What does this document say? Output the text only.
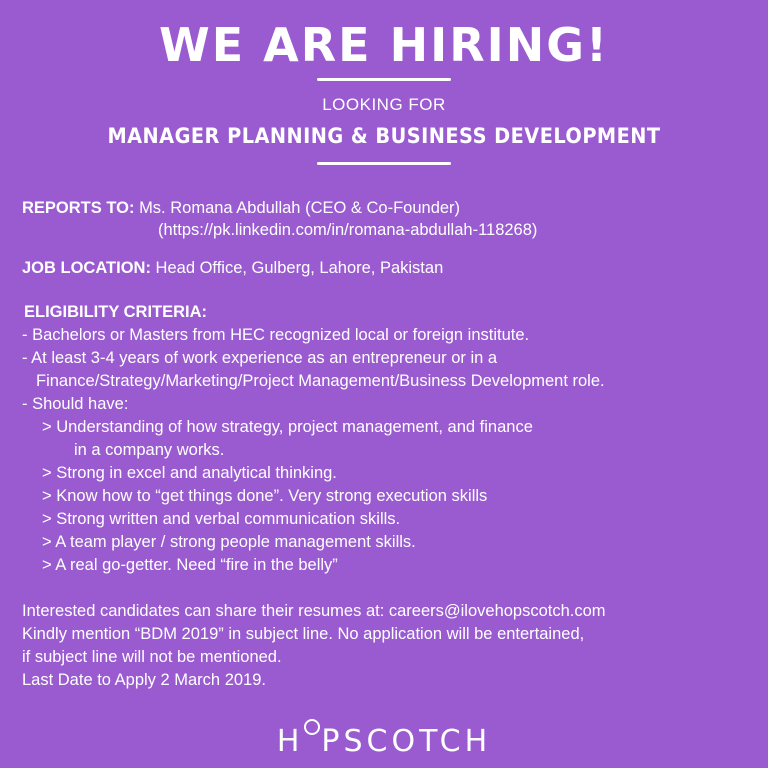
WE ARE HIRING!
LOOKING FOR
MANAGER PLANNING & BUSINESS DEVELOPMENT
REPORTS TO: Ms. Romana Abdullah (CEO & Co-Founder)
(https://pk.linkedin.com/in/romana-abdullah-118268)
JOB LOCATION: Head Office, Gulberg, Lahore, Pakistan
ELIGIBILITY CRITERIA:
- Bachelors or Masters from HEC recognized local or foreign institute.
- At least 3-4 years of work experience as an entrepreneur or in a
Finance/Strategy/Marketing/Project Management/Business Development role.
- Should have:
> Understanding of how strategy, project management, and finance
in a company works.
> Strong in excel and analytical thinking.
> Know how to “get things done”. Very strong execution skills
> Strong written and verbal communication skills.
> A team player / strong people management skills.
> A real go-getter. Need “fire in the belly”
Interested candidates can share their resumes at: careers@ilovehopscotch.com
Kindly mention “BDM 2019” in subject line. No application will be entertained,
if subject line will not be mentioned.
Last Date to Apply 2 March 2019.
H PSCOTCH
